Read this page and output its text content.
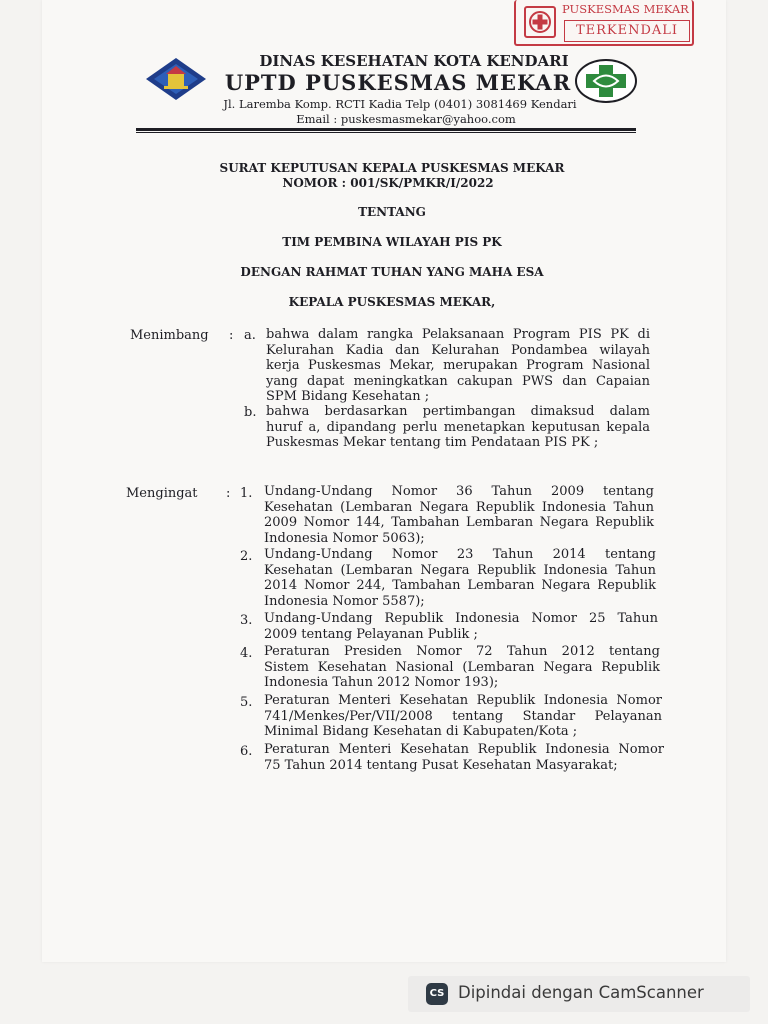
PUSKESMAS MEKAR
TERKENDALI
DINAS KESEHATAN KOTA KENDARI
UPTD PUSKESMAS MEKAR
Jl. Laremba Komp. RCTI Kadia Telp (0401) 3081469 Kendari
Email : puskesmasmekar@yahoo.com
SURAT KEPUTUSAN KEPALA PUSKESMAS MEKAR
NOMOR : 001/SK/PMKR/I/2022
TENTANG
TIM PEMBINA WILAYAH PIS PK
DENGAN RAHMAT TUHAN YANG MAHA ESA
KEPALA PUSKESMAS MEKAR,
Menimbang : a. bahwa dalam rangka Pelaksanaan Program PIS PK di
Kelurahan Kadia dan Kelurahan Pondambea wilayah
kerja Puskesmas Mekar, merupakan Program Nasional
yang dapat meningkatkan cakupan PWS dan Capaian
SPM Bidang Kesehatan ;
b. bahwa berdasarkan pertimbangan dimaksud dalam
huruf a, dipandang perlu menetapkan keputusan kepala
Puskesmas Mekar tentang tim Pendataan PIS PK ;
Mengingat : 1. Undang-Undang Nomor 36 Tahun 2009 tentang
Kesehatan (Lembaran Negara Republik Indonesia Tahun
2009 Nomor 144, Tambahan Lembaran Negara Republik
Indonesia Nomor 5063);
2. Undang-Undang Nomor 23 Tahun 2014 tentang
Kesehatan (Lembaran Negara Republik Indonesia Tahun
2014 Nomor 244, Tambahan Lembaran Negara Republik
Indonesia Nomor 5587);
3. Undang-Undang Republik Indonesia Nomor 25 Tahun
2009 tentang Pelayanan Publik ;
4. Peraturan Presiden Nomor 72 Tahun 2012 tentang
Sistem Kesehatan Nasional (Lembaran Negara Republik
Indonesia Tahun 2012 Nomor 193);
5. Peraturan Menteri Kesehatan Republik Indonesia Nomor
741/Menkes/Per/VII/2008 tentang Standar Pelayanan
Minimal Bidang Kesehatan di Kabupaten/Kota ;
6. Peraturan Menteri Kesehatan Republik Indonesia Nomor
75 Tahun 2014 tentang Pusat Kesehatan Masyarakat;
CS Dipindai dengan CamScanner
